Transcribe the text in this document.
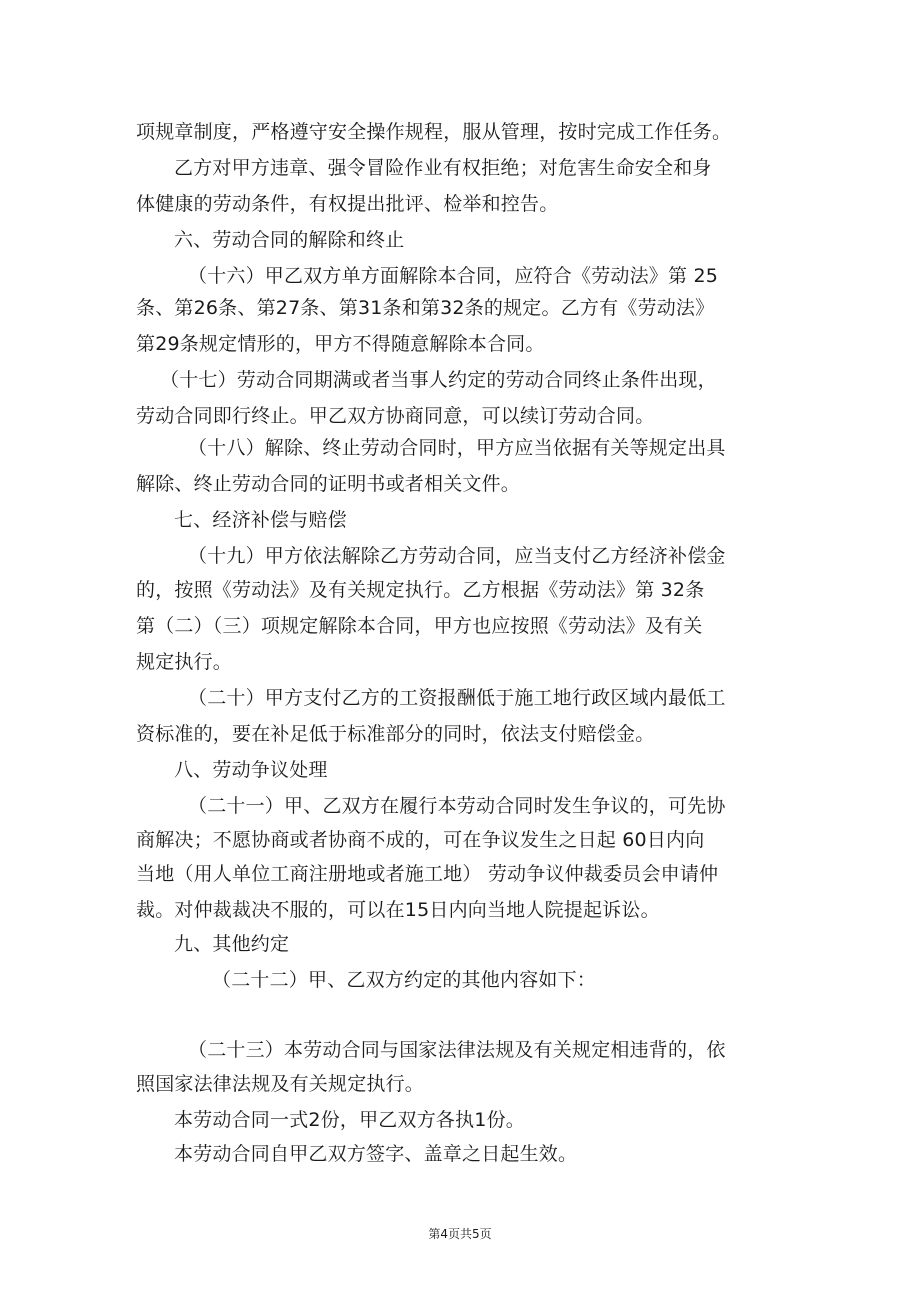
项规章制度，严格遵守安全操作规程，服从管理，按时完成工作任务。
乙方对甲方违章、强令冒险作业有权拒绝；对危害生命安全和身
体健康的劳动条件，有权提出批评、检举和控告。
六、劳动合同的解除和终止
（十六）甲乙双方单方面解除本合同，应符合《劳动法》第 25
条、第26条、第27条、第31条和第32条的规定。乙方有《劳动法》
第29条规定情形的，甲方不得随意解除本合同。
（十七）劳动合同期满或者当事人约定的劳动合同终止条件出现，
劳动合同即行终止。甲乙双方协商同意，可以续订劳动合同。
（十八）解除、终止劳动合同时，甲方应当依据有关等规定出具
解除、终止劳动合同的证明书或者相关文件。
七、经济补偿与赔偿
（十九）甲方依法解除乙方劳动合同，应当支付乙方经济补偿金
的，按照《劳动法》及有关规定执行。乙方根据《劳动法》第 32条
第（二）（三）项规定解除本合同，甲方也应按照《劳动法》及有关
规定执行。
（二十）甲方支付乙方的工资报酬低于施工地行政区域内最低工
资标准的，要在补足低于标准部分的同时，依法支付赔偿金。
八、劳动争议处理
（二十一）甲、乙双方在履行本劳动合同时发生争议的，可先协
商解决；不愿协商或者协商不成的，可在争议发生之日起 60日内向
当地（用人单位工商注册地或者施工地） 劳动争议仲裁委员会申请仲
裁。对仲裁裁决不服的，可以在15日内向当地人院提起诉讼。
九、其他约定
（二十二）甲、乙双方约定的其他内容如下：
（二十三）本劳动合同与国家法律法规及有关规定相违背的，依
照国家法律法规及有关规定执行。
本劳动合同一式2份，甲乙双方各执1份。
本劳动合同自甲乙双方签字、盖章之日起生效。
第4页共5页
